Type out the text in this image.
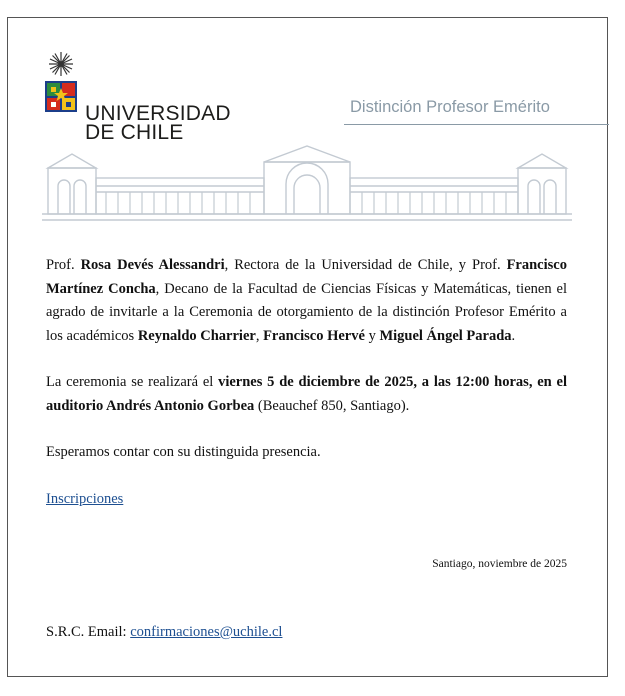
UNIVERSIDAD
DE CHILE
Distinción Profesor Emérito

Prof. Rosa Devés Alessandri, Rectora de la Universidad de Chile, y Prof. Francisco Martínez Concha, Decano de la Facultad de Ciencias Físicas y Matemáticas, tienen el agrado de invitarle a la Ceremonia de otorgamiento de la distinción Profesor Emérito a los académicos Reynaldo Charrier, Francisco Hervé y Miguel Ángel Parada.

La ceremonia se realizará el viernes 5 de diciembre de 2025, a las 12:00 horas, en el auditorio Andrés Antonio Gorbea (Beauchef 850, Santiago).

Esperamos contar con su distinguida presencia.

Inscripciones

Santiago, noviembre de 2025
S.R.C. Email: confirmaciones@uchile.cl
